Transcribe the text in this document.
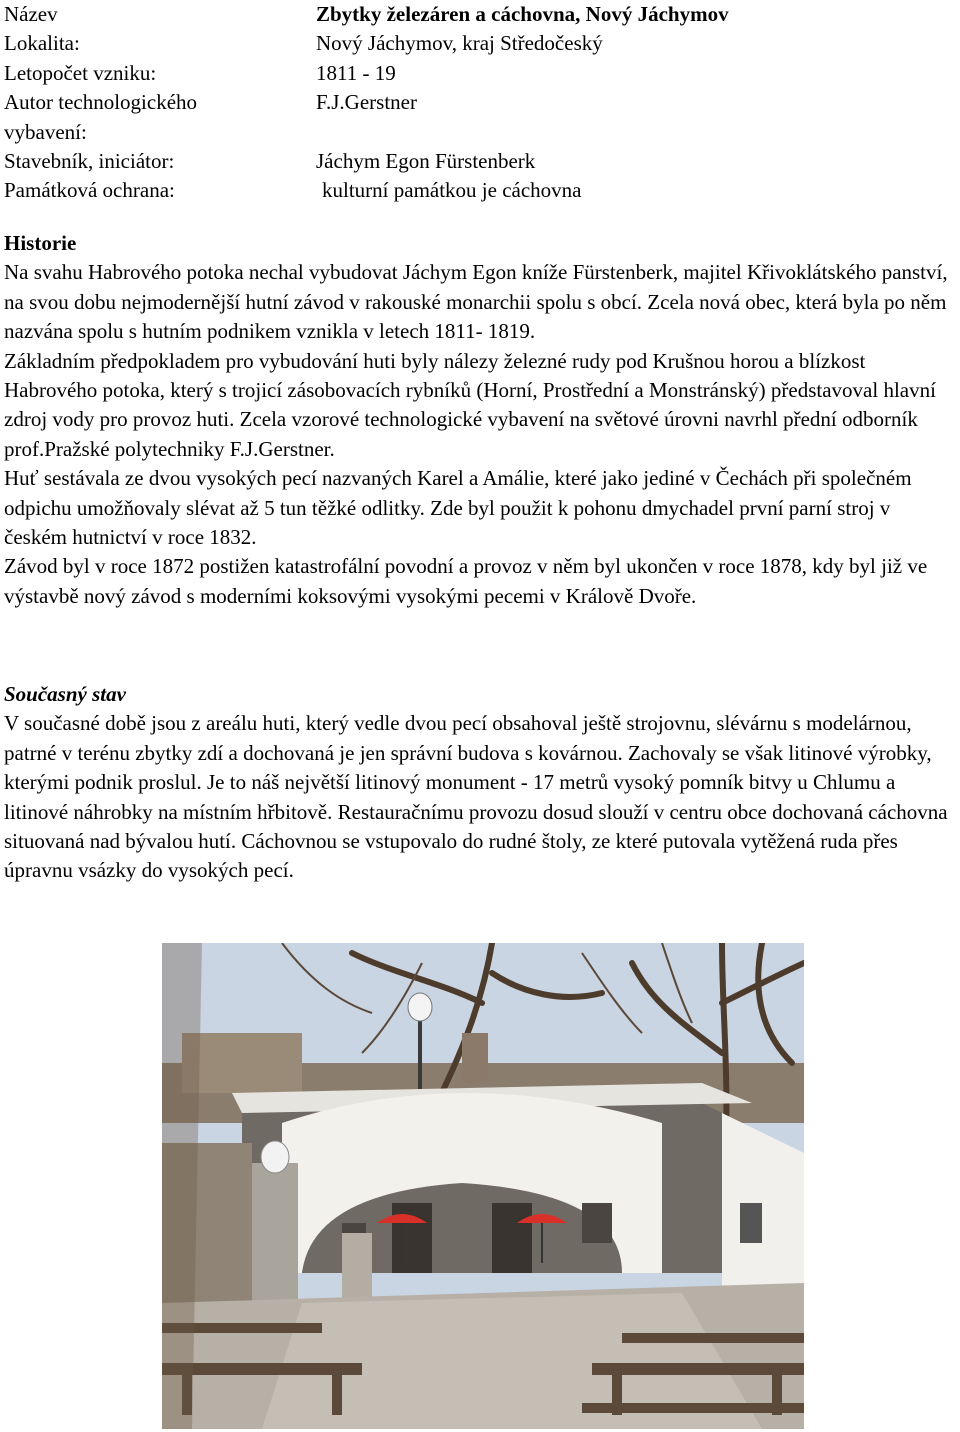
Název	Zbytky železáren a cáchovna, Nový Jáchymov
Lokalita:	Nový Jáchymov, kraj Středočeský
Letopočet vzniku:	1811 - 19
Autor technologického	F.J.Gerstner
vybavení:
Stavebník, iniciátor:	Jáchym Egon Fürstenberk
Památková ochrana:	kulturní památkou je cáchovna
Historie

Na svahu Habrového potoka nechal vybudovat Jáchym Egon kníže Fürstenberk, majitel Křivoklátského panství, na svou dobu nejmodernější hutní závod v rakouské monarchii spolu s obcí. Zcela nová obec, která byla po něm nazvána spolu s hutním podnikem vznikla v letech 1811- 1819.

Základním předpokladem pro vybudování huti byly nálezy železné rudy pod Krušnou horou a blízkost Habrového potoka, který s trojicí zásobovacích rybníků (Horní, Prostřední a Monstránský) představoval hlavní zdroj vody pro provoz huti. Zcela vzorové technologické vybavení na světové úrovni navrhl přední odborník prof.Pražské polytechniky F.J.Gerstner.

Huť sestávala ze dvou vysokých pecí nazvaných Karel a Amálie, které jako jediné v Čechách při společném odpichu umožňovaly slévat až 5 tun těžké odlitky. Zde byl použit k pohonu dmychadel první parní stroj v českém hutnictví v roce 1832.

Závod byl v roce 1872 postižen katastrofální povodní a provoz v něm byl ukončen v roce 1878, kdy byl již ve výstavbě nový závod s moderními koksovými vysokými pecemi v Králově Dvoře.

Současný stav

V současné době jsou z areálu huti, který vedle dvou pecí obsahoval ještě strojovnu, slévárnu s modelárnou, patrné v terénu zbytky zdí a dochovaná je jen správní budova s kovárnou. Zachovaly se však litinové výrobky, kterými podnik proslul. Je to náš největší litinový monument - 17 metrů vysoký pomník bitvy u Chlumu a litinové náhrobky na místním hřbitově. Restauračnímu provozu dosud slouží v centru obce dochovaná cáchovna situovaná nad bývalou hutí. Cáchovnou se vstupovalo do rudné štoly, ze které putovala vytěžená ruda přes úpravnu vsázky do vysokých pecí.
